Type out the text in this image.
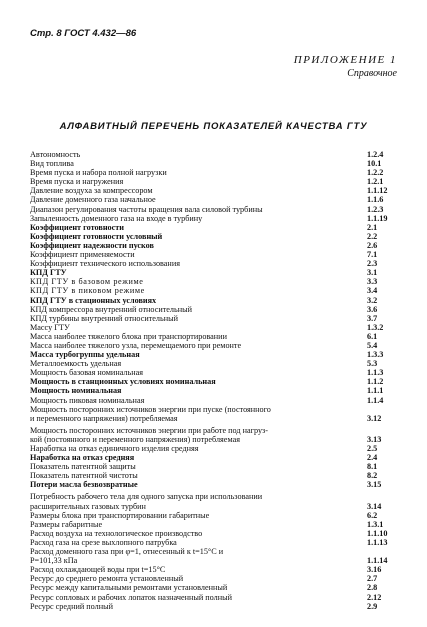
Стр. 8 ГОСТ 4.432—86
ПРИЛОЖЕНИЕ 1
Справочное
АЛФАВИТНЫЙ ПЕРЕЧЕНЬ ПОКАЗАТЕЛЕЙ КАЧЕСТВА ГТУ
Автономность	1.2.4
Вид топлива	10.1
Время пуска и набора полной нагрузки	1.2.2
Время пуска и нагружения	1.2.1
Давление воздуха за компрессором	1.1.12
Давление доменного газа начальное	1.1.6
Диапазон регулирования частоты вращения вала силовой турбины	1.2.3
Запыленность доменного газа на входе в турбину	1.1.19
Коэффициент готовности	2.1
Коэффициент готовности условный	2.2
Коэффициент надежности пусков	2.6
Коэффициент применяемости	7.1
Коэффициент технического использования	2.3
КПД ГТУ	3.1
КПД ГТУ в базовом режиме	3.3
КПД ГТУ в пиковом режиме	3.4
КПД ГТУ в стационных условиях	3.2
КПД компрессора внутренний относительный	3.6
КПД турбины внутренний относительный	3.7
Массу ГТУ	1.3.2
Масса наиболее тяжелого блока при транспортировании	6.1
Масса наиболее тяжелого узла, перемещаемого при ремонте	5.4
Масса турбогруппы удельная	1.3.3
Металлоемкость удельная	5.3
Мощность базовая номинальная	1.1.3
Мощность в станционных условиях номинальная	1.1.2
Мощность номинальная	1.1.1
Мощность пиковая номинальная	1.1.4
Мощность посторонних источников энергии при пуске (постоянного
и переменного напряжения) потребляемая	3.12
Мощность посторонних источников энергии при работе под нагруз-
кой (постоянного и переменного напряжения) потребляемая	3.13
Наработка на отказ единичного изделия средняя	2.5
Наработка на отказ средняя	2.4
Показатель патентной защиты	8.1
Показатель патентной чистоты	8.2
Потери масла безвозвратные	3.15
Потребность рабочего тела для одного запуска при использовании
расширительных газовых турбин	3.14
Размеры блока при транспортировании габаритные	6.2
Размеры габаритные	1.3.1
Расход воздуха на технологическое производство	1.1.10
Расход газа на срезе выхлопного патрубка	1.1.13
Расход доменного газа при φ=1, отнесенный к t=15°С и
Р=101,33 кПа	1.1.14
Расход охлаждающей воды при t=15°С	3.16
Ресурс до среднего ремонта установленный	2.7
Ресурс между капитальными ремонтами установленный	2.8
Ресурс сопловых и рабочих лопаток назначенный полный	2.12
Ресурс средний полный	2.9
